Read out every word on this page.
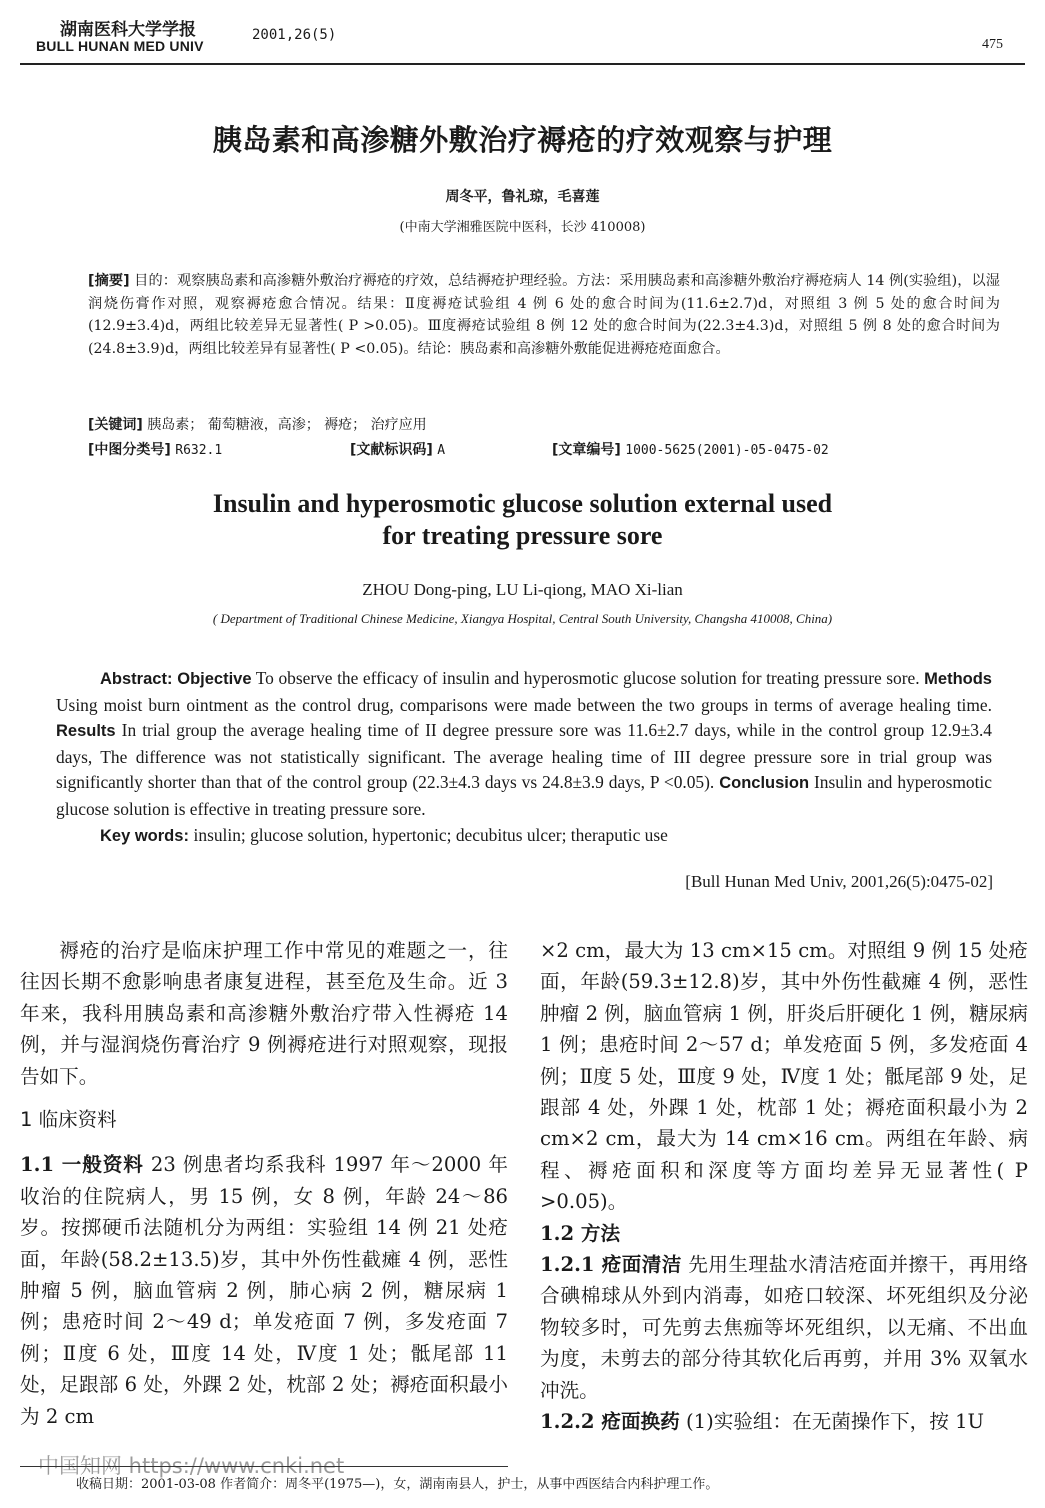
湖南医科大学学报
BULL HUNAN MED UNIV
2001,26(5)
475
胰岛素和高渗糖外敷治疗褥疮的疗效观察与护理
周冬平，鲁礼琼，毛喜莲
(中南大学湘雅医院中医科，长沙 410008)
[摘要] 目的：观察胰岛素和高渗糖外敷治疗褥疮的疗效，总结褥疮护理经验。方法：采用胰岛素和高渗糖外敷治疗褥疮病人 14 例(实验组)，以湿润烧伤膏作对照，观察褥疮愈合情况。结果：Ⅱ度褥疮试验组 4 例 6 处的愈合时间为(11.6±2.7)d，对照组 3 例 5 处的愈合时间为(12.9±3.4)d，两组比较差异无显著性( P >0.05)。Ⅲ度褥疮试验组 8 例 12 处的愈合时间为(22.3±4.3)d，对照组 5 例 8 处的愈合时间为(24.8±3.9)d，两组比较差异有显著性( P <0.05)。结论：胰岛素和高渗糖外敷能促进褥疮疮面愈合。
[关键词] 胰岛素； 葡萄糖液，高渗； 褥疮； 治疗应用
[中图分类号] R632.1	[文献标识码] A	[文章编号] 1000-5625(2001)-05-0475-02
Insulin and hyperosmotic glucose solution external used
for treating pressure sore
ZHOU Dong-ping, LU Li-qiong, MAO Xi-lian
( Department of Traditional Chinese Medicine, Xiangya Hospital, Central South University, Changsha 410008, China)
Abstract: Objective To observe the efficacy of insulin and hyperosmotic glucose solution for treating pressure sore. Methods Using moist burn ointment as the control drug, comparisons were made between the two groups in terms of average healing time. Results In trial group the average healing time of II degree pressure sore was 11.6±2.7 days, while in the control group 12.9±3.4 days, The difference was not statistically significant. The average healing time of III degree pressure sore in trial group was significantly shorter than that of the control group (22.3±4.3 days vs 24.8±3.9 days, P <0.05). Conclusion Insulin and hyperosmotic glucose solution is effective in treating pressure sore.
Key words: insulin; glucose solution, hypertonic; decubitus ulcer; theraputic use
[Bull Hunan Med Univ, 2001,26(5):0475-02]

褥疮的治疗是临床护理工作中常见的难题之一，往往因长期不愈影响患者康复进程，甚至危及生命。近 3 年来，我科用胰岛素和高渗糖外敷治疗带入性褥疮 14 例，并与湿润烧伤膏治疗 9 例褥疮进行对照观察，现报告如下。

1 临床资料

1.1 一般资料 23 例患者均系我科 1997 年～2000 年收治的住院病人，男 15 例，女 8 例，年龄 24～86 岁。按掷硬币法随机分为两组：实验组 14 例 21 处疮面，年龄(58.2±13.5)岁，其中外伤性截瘫 4 例，恶性肿瘤 5 例，脑血管病 2 例，肺心病 2 例，糖尿病 1 例；患疮时间 2～49 d；单发疮面 7 例，多发疮面 7 例；Ⅱ度 6 处，Ⅲ度 14 处，Ⅳ度 1 处；骶尾部 11 处，足跟部 6 处，外踝 2 处，枕部 2 处；褥疮面积最小为 2 cm

×2 cm，最大为 13 cm×15 cm。对照组 9 例 15 处疮面，年龄(59.3±12.8)岁，其中外伤性截瘫 4 例，恶性肿瘤 2 例，脑血管病 1 例，肝炎后肝硬化 1 例，糖尿病 1 例；患疮时间 2～57 d；单发疮面 5 例，多发疮面 4 例；Ⅱ度 5 处，Ⅲ度 9 处，Ⅳ度 1 处；骶尾部 9 处，足跟部 4 处，外踝 1 处，枕部 1 处；褥疮面积最小为 2 cm×2 cm，最大为 14 cm×16 cm。两组在年龄、病程、褥疮面积和深度等方面均差异无显著性( P >0.05)。

1.2 方法

1.2.1 疮面清洁 先用生理盐水清洁疮面并擦干，再用络合碘棉球从外到内消毒，如疮口较深、坏死组织及分泌物较多时，可先剪去焦痂等坏死组织，以无痛、不出血为度，未剪去的部分待其软化后再剪，并用 3% 双氧水冲洗。

1.2.2 疮面换药 (1)实验组：在无菌操作下，按 1U

中国知网 https://www.cnki.net
收稿日期：2001-03-08 作者简介：周冬平(1975—)，女，湖南南县人，护士，从事中西医结合内科护理工作。
